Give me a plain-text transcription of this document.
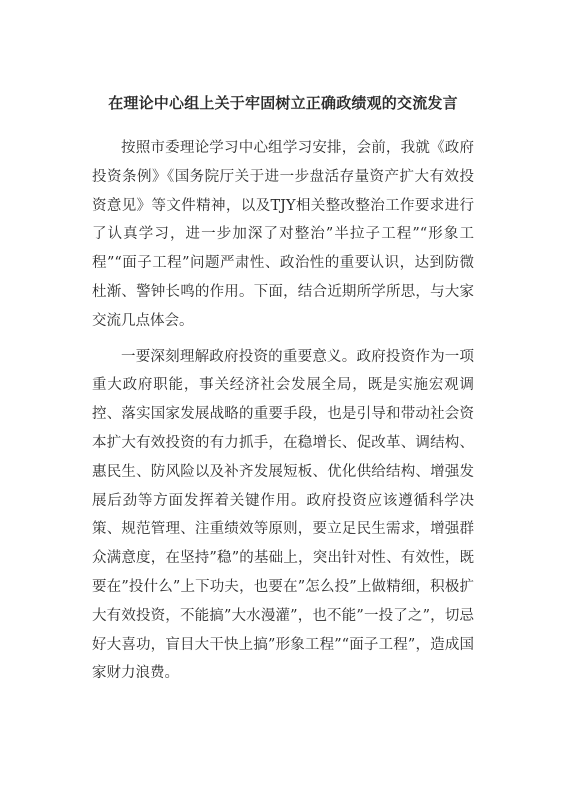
在理论中心组上关于牢固树立正确政绩观的交流发言

按照市委理论学习中心组学习安排，会前，我就《政府投资条例》《国务院厅关于进一步盘活存量资产扩大有效投资意见》等文件精神，以及TJY相关整改整治工作要求进行了认真学习，进一步加深了对整治”半拉子工程”“形象工程”“面子工程”问题严肃性、政治性的重要认识，达到防微杜渐、警钟长鸣的作用。下面，结合近期所学所思，与大家交流几点体会。

一要深刻理解政府投资的重要意义。政府投资作为一项重大政府职能，事关经济社会发展全局，既是实施宏观调控、落实国家发展战略的重要手段，也是引导和带动社会资本扩大有效投资的有力抓手，在稳增长、促改革、调结构、惠民生、防风险以及补齐发展短板、优化供给结构、增强发展后劲等方面发挥着关键作用。政府投资应该遵循科学决策、规范管理、注重绩效等原则，要立足民生需求，增强群众满意度，在坚持”稳”的基础上，突出针对性、有效性，既要在”投什么”上下功夫，也要在”怎么投”上做精细，积极扩大有效投资，不能搞”大水漫灌”，也不能”一投了之”，切忌好大喜功，盲目大干快上搞”形象工程”“面子工程”，造成国家财力浪费。
